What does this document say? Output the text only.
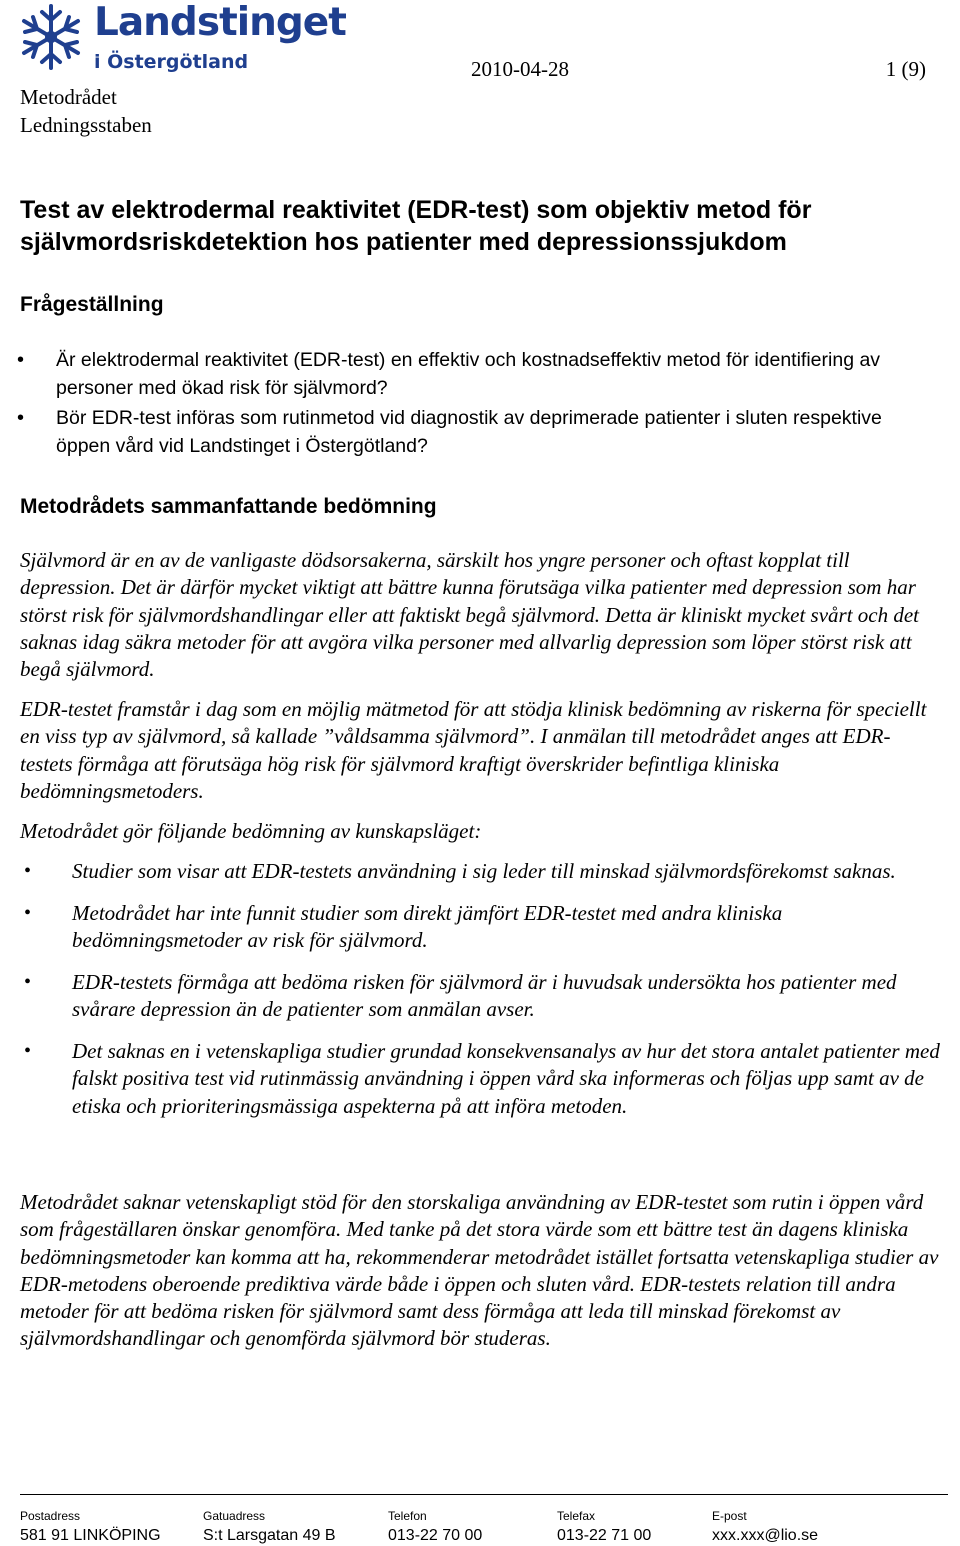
Landstinget
i Östergötland
Metodrådet
Ledningsstaben
2010-04-28	1 (9)
Test av elektrodermal reaktivitet (EDR-test) som objektiv metod för
självmordsriskdetektion hos patienter med depressionssjukdom
Frågeställning
• Är elektrodermal reaktivitet (EDR-test) en effektiv och kostnadseffektiv metod för identifiering av personer med ökad risk för självmord?
• Bör EDR-test införas som rutinmetod vid diagnostik av deprimerade patienter i sluten respektive öppen vård vid Landstinget i Östergötland?
Metodrådets sammanfattande bedömning
Självmord är en av de vanligaste dödsorsakerna, särskilt hos yngre personer och oftast kopplat till depression. Det är därför mycket viktigt att bättre kunna förutsäga vilka patienter med depression som har störst risk för självmordshandlingar eller att faktiskt begå självmord. Detta är kliniskt mycket svårt och det saknas idag säkra metoder för att avgöra vilka personer med allvarlig depression som löper störst risk att begå självmord.
EDR-testet framstår i dag som en möjlig mätmetod för att stödja klinisk bedömning av riskerna för speciellt en viss typ av självmord, så kallade ”våldsamma självmord”. I anmälan till metodrådet anges att EDR-testets förmåga att förutsäga hög risk för självmord kraftigt överskrider befintliga kliniska bedömningsmetoders.
Metodrådet gör följande bedömning av kunskapsläget:
• Studier som visar att EDR-testets användning i sig leder till minskad självmordsförekomst saknas.
• Metodrådet har inte funnit studier som direkt jämfört EDR-testet med andra kliniska bedömningsmetoder av risk för självmord.
• EDR-testets förmåga att bedöma risken för självmord är i huvudsak undersökta hos patienter med svårare depression än de patienter som anmälan avser.
• Det saknas en i vetenskapliga studier grundad konsekvensanalys av hur det stora antalet patienter med falskt positiva test vid rutinmässig användning i öppen vård ska informeras och följas upp samt av de etiska och prioriteringsmässiga aspekterna på att införa metoden.
Metodrådet saknar vetenskapligt stöd för den storskaliga användning av EDR-testet som rutin i öppen vård som frågeställaren önskar genomföra. Med tanke på det stora värde som ett bättre test än dagens kliniska bedömningsmetoder kan komma att ha, rekommenderar metodrådet istället fortsatta vetenskapliga studier av EDR-metodens oberoende prediktiva värde både i öppen och sluten vård. EDR-testets relation till andra metoder för att bedöma risken för självmord samt dess förmåga att leda till minskad förekomst av självmordshandlingar och genomförda självmord bör studeras.
Postadress
581 91 LINKÖPING
Gatuadress
S:t Larsgatan 49 B
Telefon
013-22 70 00
Telefax
013-22 71 00
E-post
xxx.xxx@lio.se
